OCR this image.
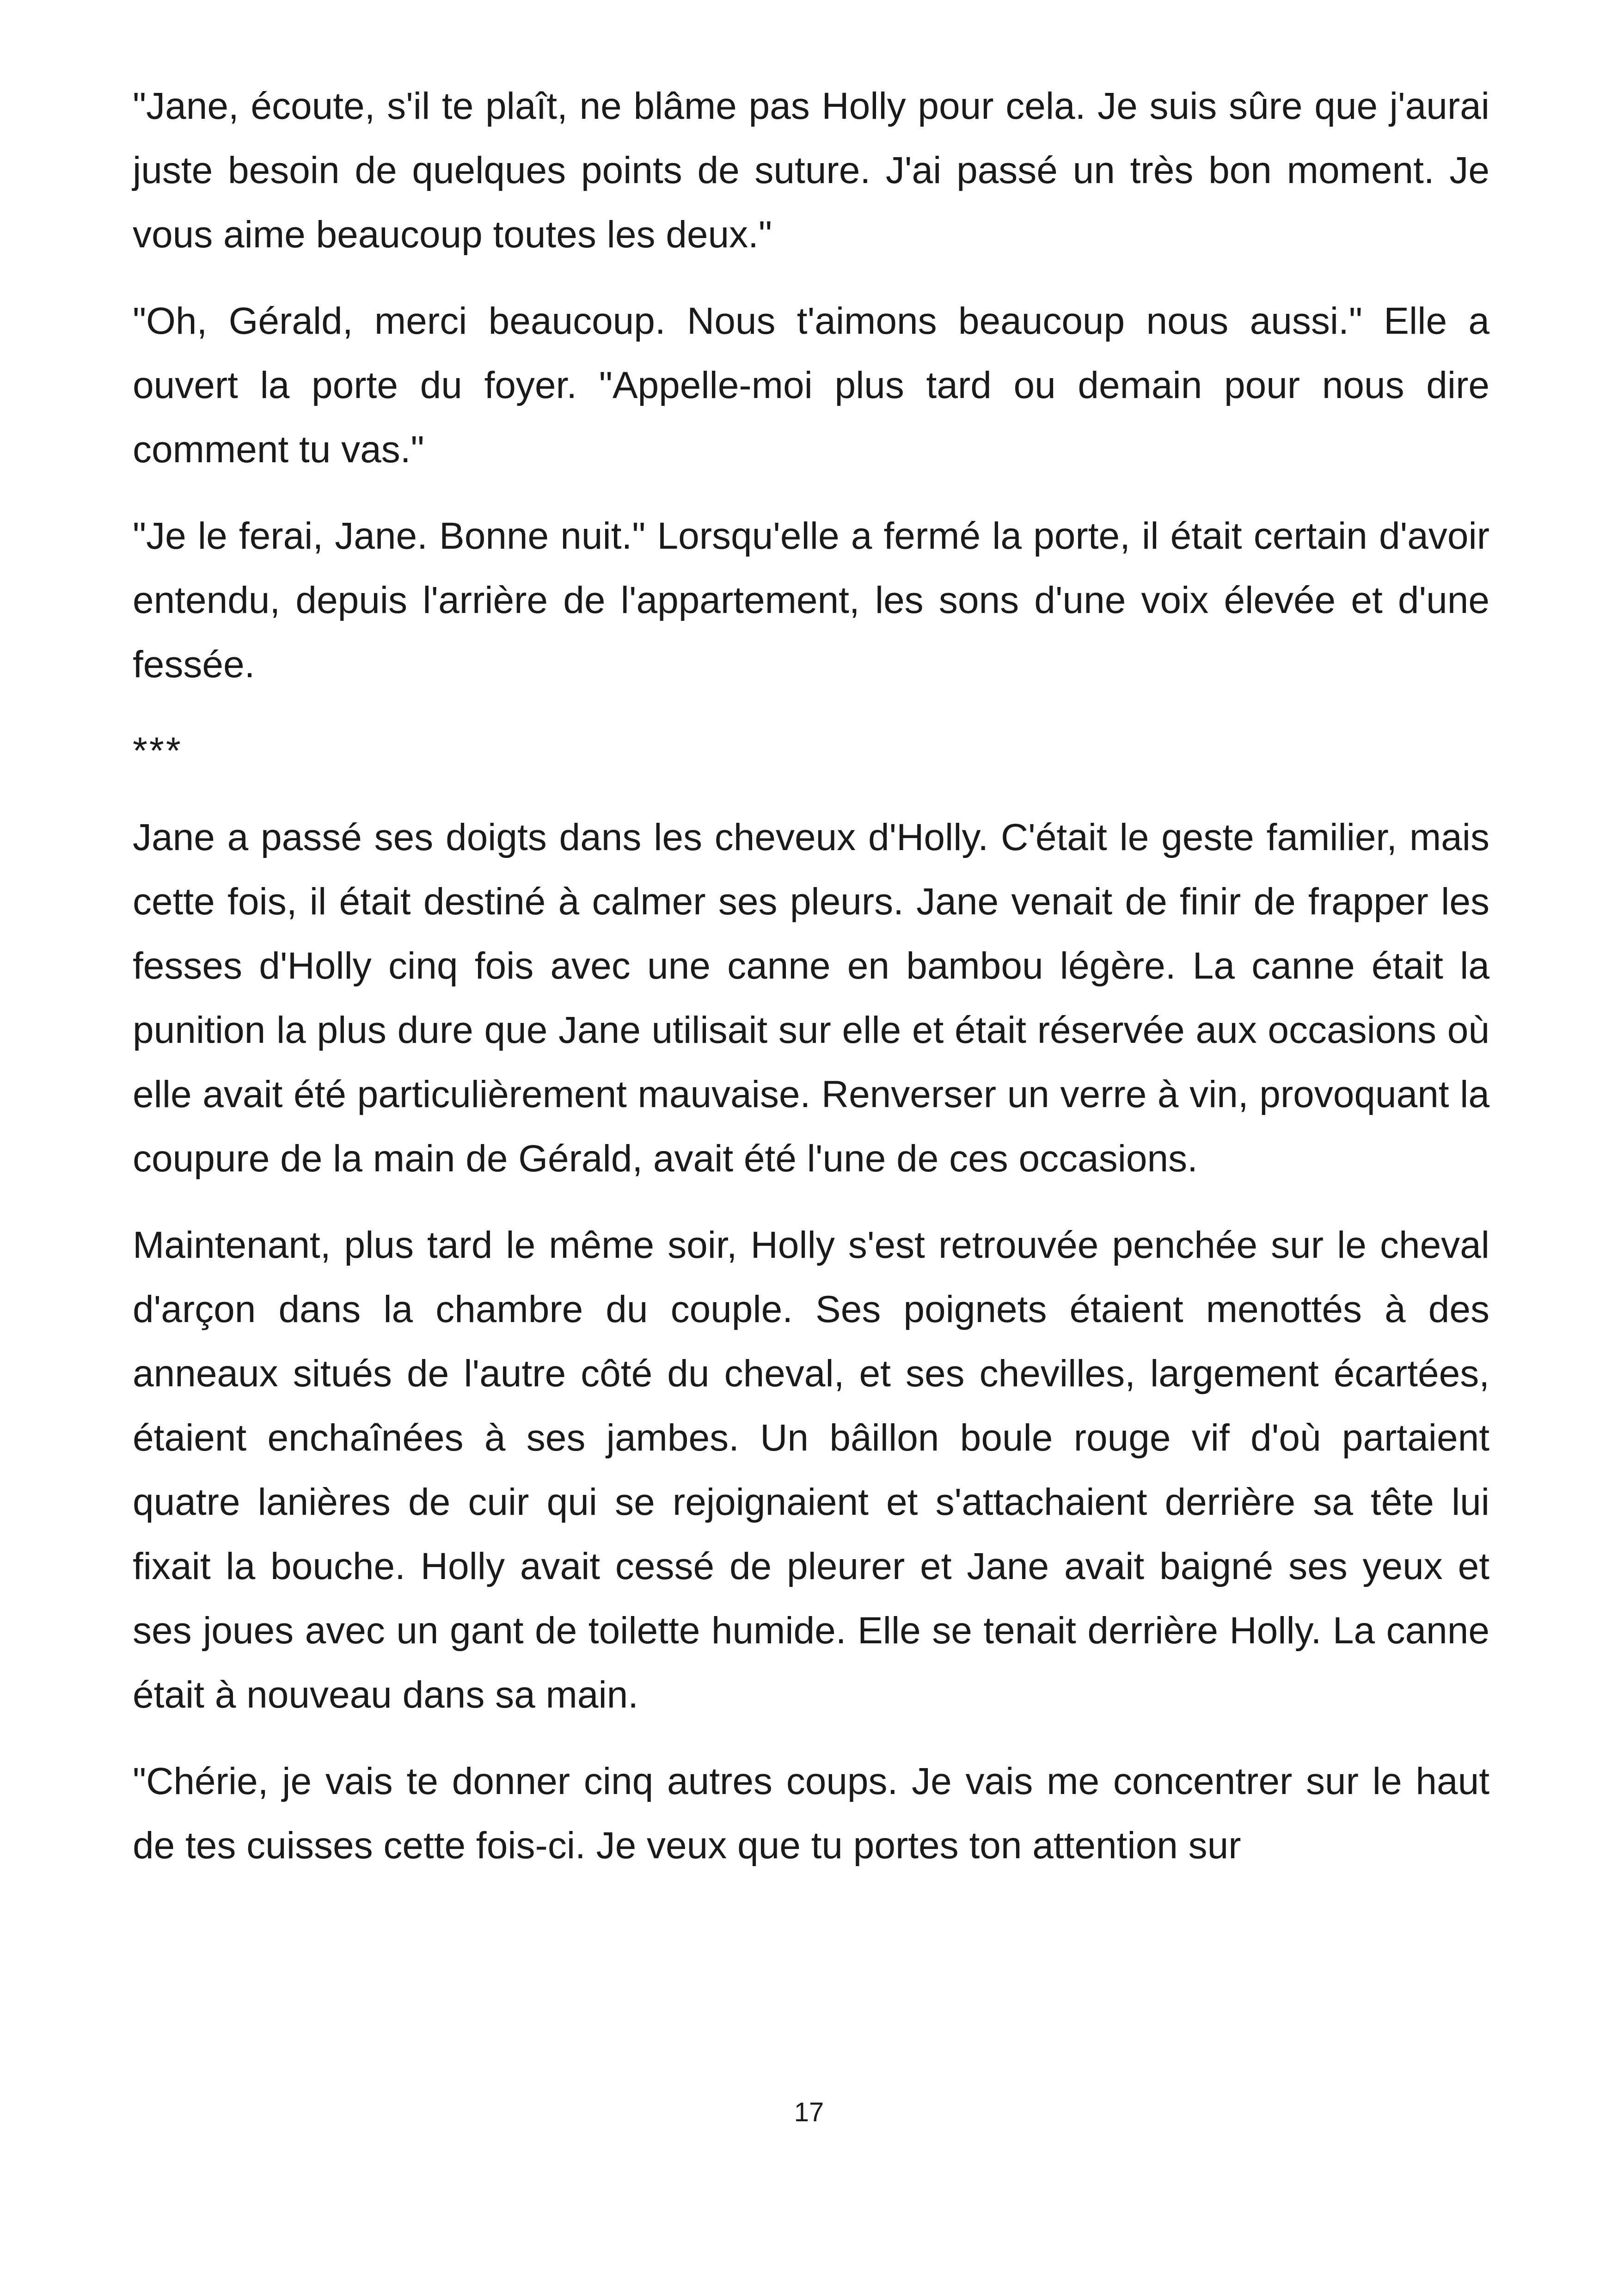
"Jane, écoute, s'il te plaît, ne blâme pas Holly pour cela. Je suis sûre que j'aurai juste besoin de quelques points de suture. J'ai passé un très bon moment. Je vous aime beaucoup toutes les deux."

"Oh, Gérald, merci beaucoup. Nous t'aimons beaucoup nous aussi." Elle a ouvert la porte du foyer. "Appelle-moi plus tard ou demain pour nous dire comment tu vas."

"Je le ferai, Jane. Bonne nuit." Lorsqu'elle a fermé la porte, il était certain d'avoir entendu, depuis l'arrière de l'appartement, les sons d'une voix élevée et d'une fessée.

***

Jane a passé ses doigts dans les cheveux d'Holly. C'était le geste familier, mais cette fois, il était destiné à calmer ses pleurs. Jane venait de finir de frapper les fesses d'Holly cinq fois avec une canne en bambou légère. La canne était la punition la plus dure que Jane utilisait sur elle et était réservée aux occasions où elle avait été particulièrement mauvaise. Renverser un verre à vin, provoquant la coupure de la main de Gérald, avait été l'une de ces occasions.

Maintenant, plus tard le même soir, Holly s'est retrouvée penchée sur le cheval d'arçon dans la chambre du couple. Ses poignets étaient menottés à des anneaux situés de l'autre côté du cheval, et ses chevilles, largement écartées, étaient enchaînées à ses jambes. Un bâillon boule rouge vif d'où partaient quatre lanières de cuir qui se rejoignaient et s'attachaient derrière sa tête lui fixait la bouche. Holly avait cessé de pleurer et Jane avait baigné ses yeux et ses joues avec un gant de toilette humide. Elle se tenait derrière Holly. La canne était à nouveau dans sa main.

"Chérie, je vais te donner cinq autres coups. Je vais me concentrer sur le haut de tes cuisses cette fois-ci. Je veux que tu portes ton attention sur

17
